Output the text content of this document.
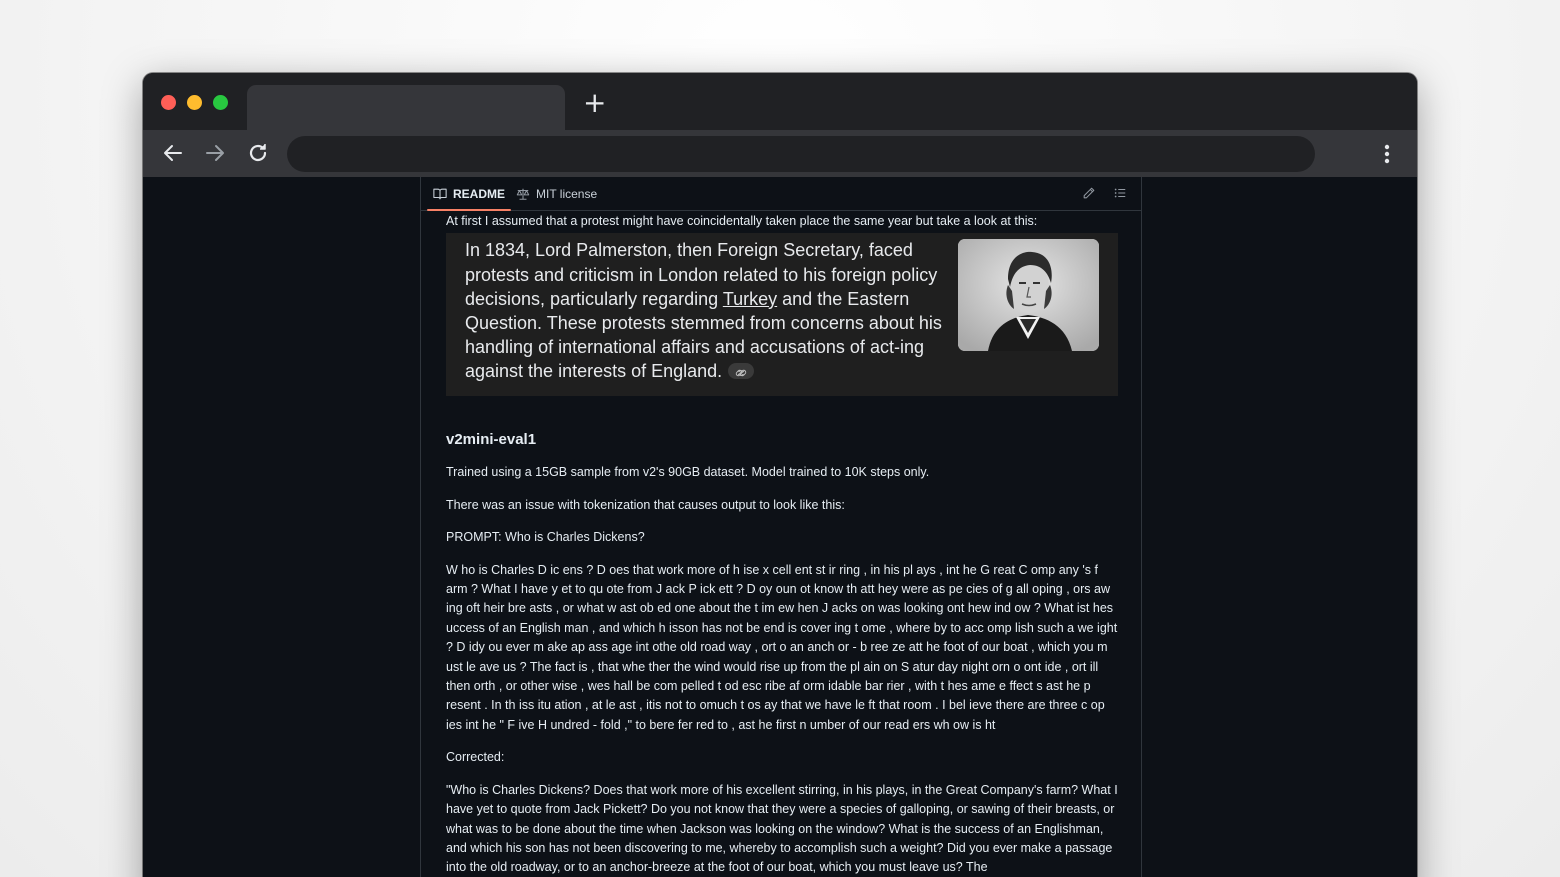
+
README	MIT license

At first I assumed that a protest might have coincidentally taken place the same year but take a look at this:

In 1834, Lord Palmerston, then Foreign Secretary, faced protests and criticism in London related to his foreign policy decisions, particularly regarding Turkey and the Eastern Question. These protests stemmed from concerns about his handling of international affairs and accusations of act-ing against the interests of England.
v2mini-eval1

Trained using a 15GB sample from v2's 90GB dataset. Model trained to 10K steps only.

There was an issue with tokenization that causes output to look like this:

PROMPT: Who is Charles Dickens?

W ho is Charles D ic ens ? D oes that work more of h ise x cell ent st ir ring , in his pl ays , int he G reat C omp any 's f arm ? What I have y et to qu ote from J ack P ick ett ? D oy oun ot know th att hey were as pe cies of g all oping , ors aw ing oft heir bre asts , or what w ast ob ed one about the t im ew hen J acks on was looking ont hew ind ow ? What ist hes uccess of an English man , and which h isson has not be end is cover ing t ome , where by to acc omp lish such a we ight ? D idy ou ever m ake ap ass age int othe old road way , ort o an anch or - b ree ze att he foot of our boat , which you m ust le ave us ? The fact is , that whe ther the wind would rise up from the pl ain on S atur day night orn o ont ide , ort ill then orth , or other wise , wes hall be com pelled t od esc ribe af orm idable bar rier , with t hes ame e ffect s ast he p resent . In th iss itu ation , at le ast , itis not to omuch t os ay that we have le ft that room . I bel ieve there are three c op ies int he " F ive H undred - fold ," to bere fer red to , ast he first n umber of our read ers wh ow is ht

Corrected:

"Who is Charles Dickens? Does that work more of his excellent stirring, in his plays, in the Great Company's farm? What I have yet to quote from Jack Pickett? Do you not know that they were a species of galloping, or sawing of their breasts, or what was to be done about the time when Jackson was looking on the window? What is the success of an Englishman, and which his son has not been discovering to me, whereby to accomplish such a weight? Did you ever make a passage into the old roadway, or to an anchor-breeze at the foot of our boat, which you must leave us? The
